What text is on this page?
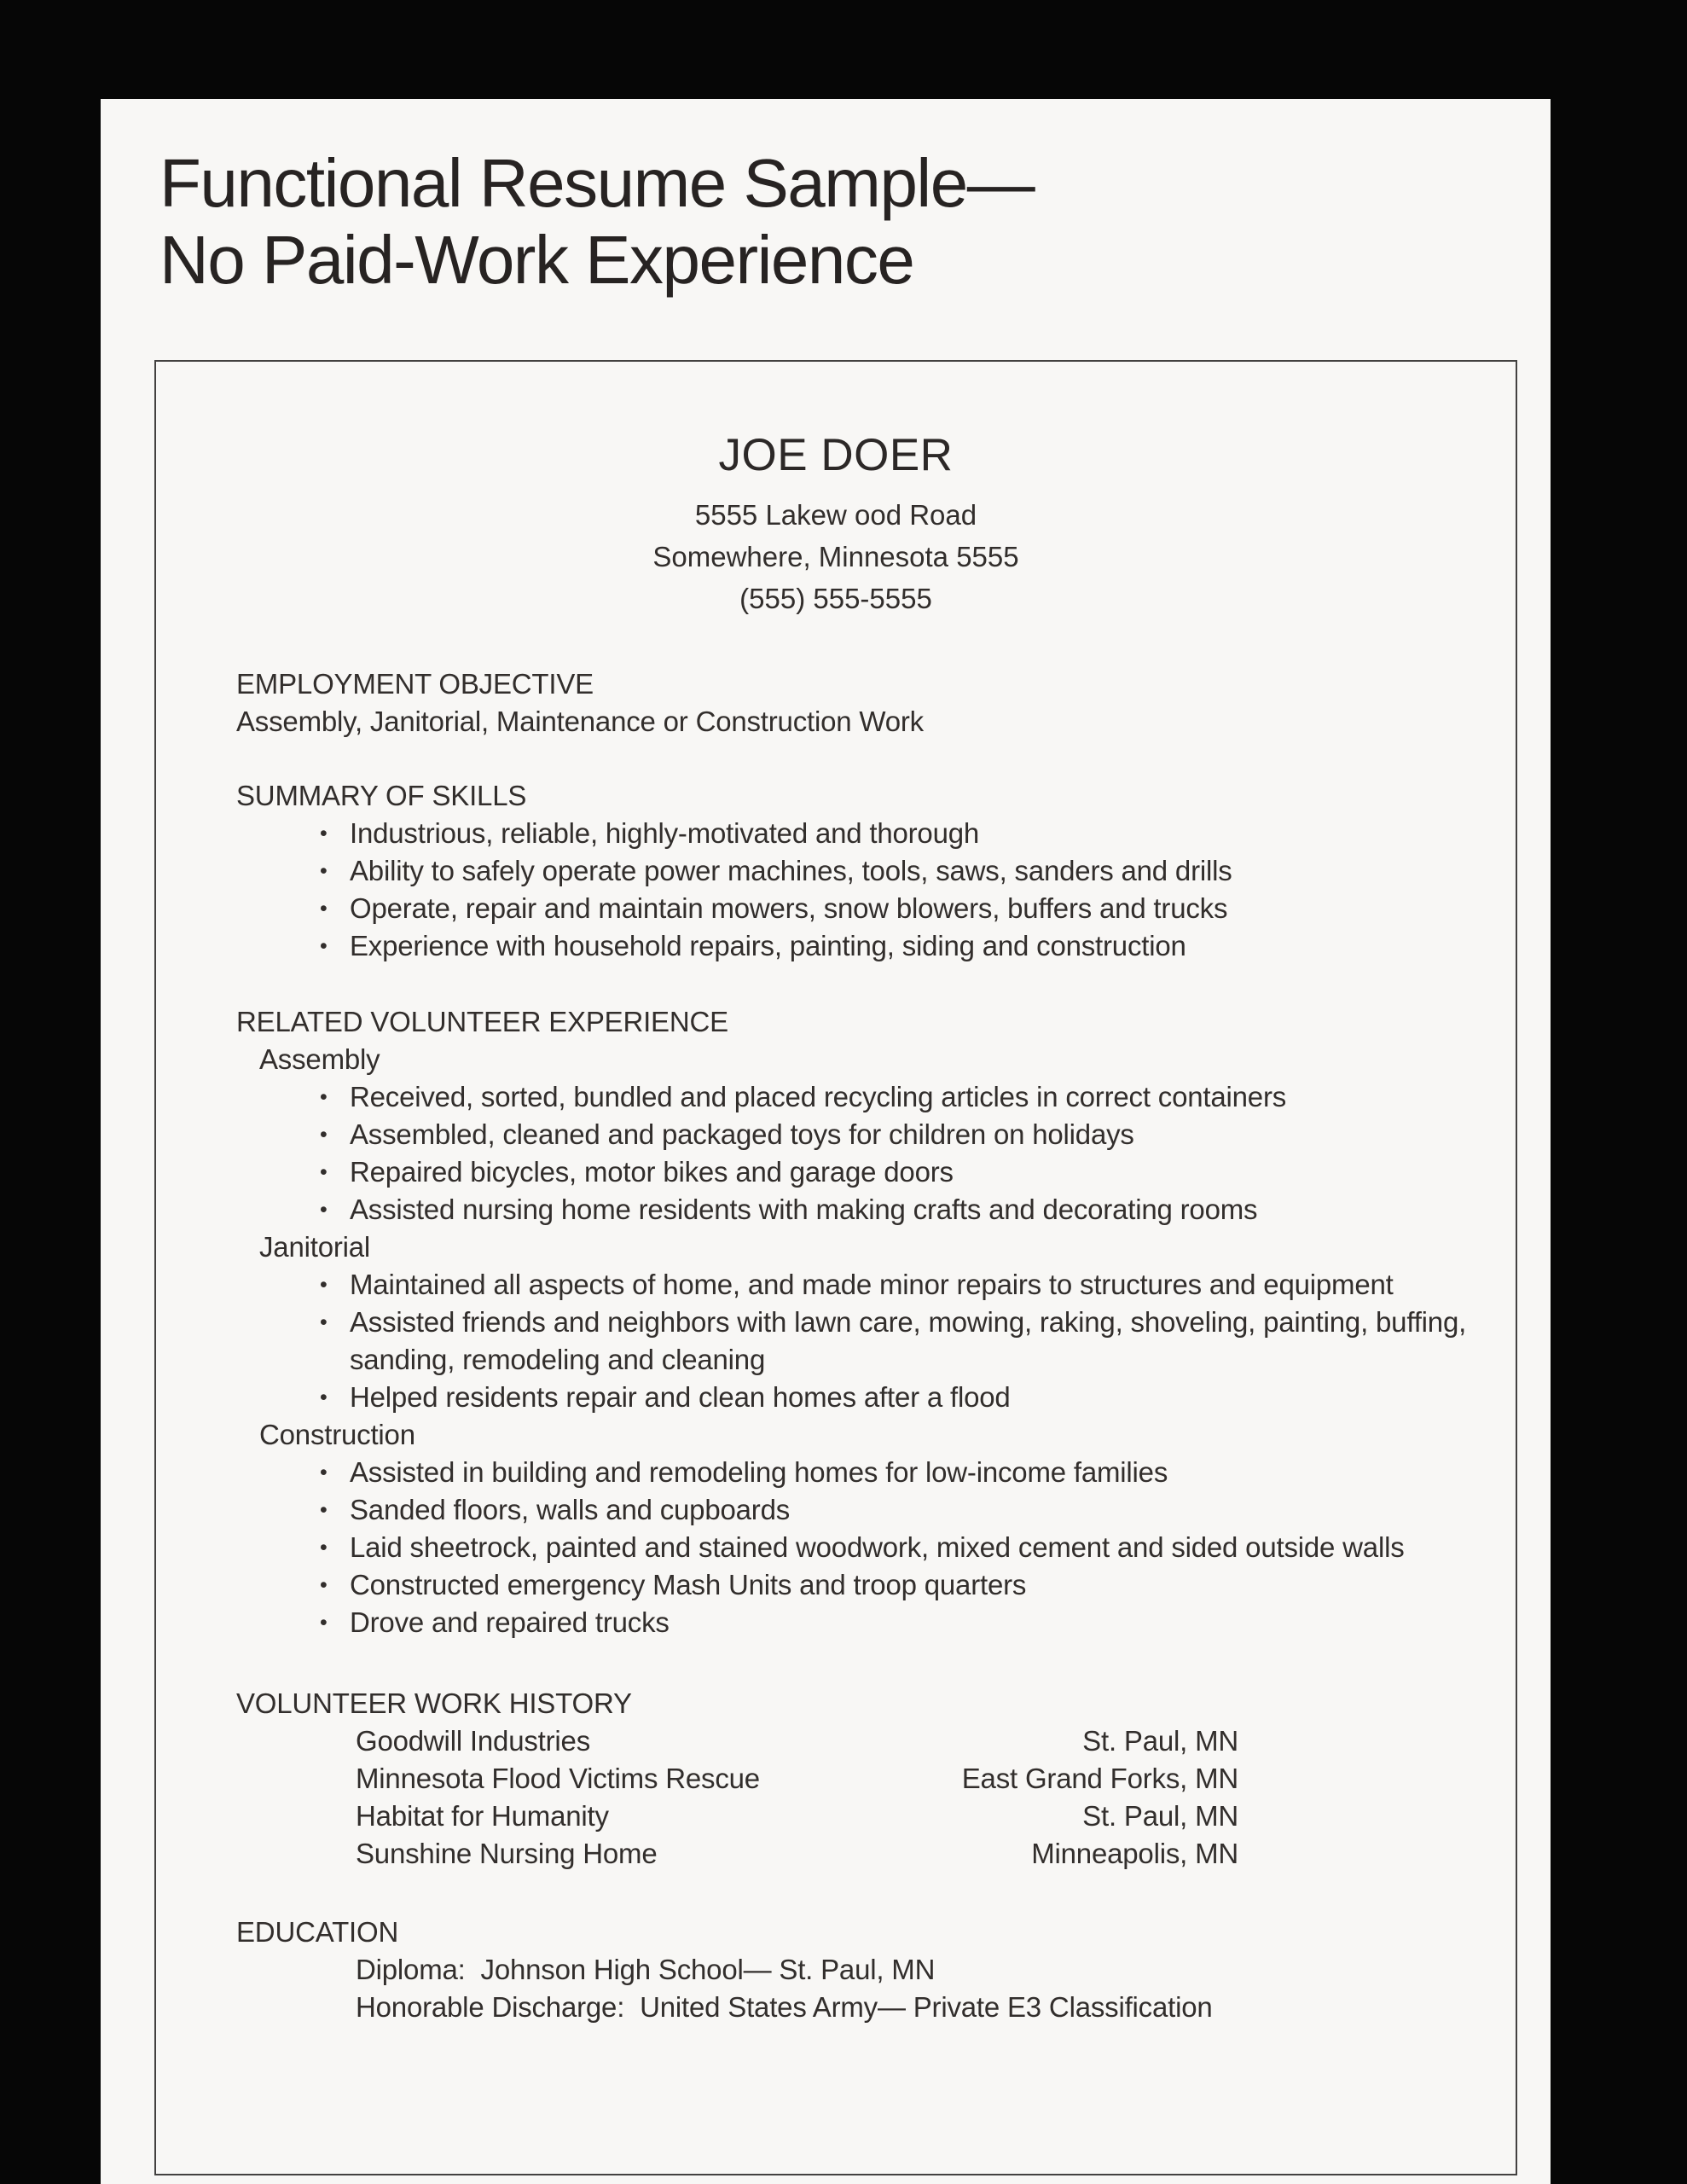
Functional Resume Sample—
No Paid-Work Experience
JOE DOER
5555 Lakew ood Road
Somewhere, Minnesota 5555
(555) 555-5555
EMPLOYMENT OBJECTIVE
Assembly, Janitorial, Maintenance or Construction Work
SUMMARY OF SKILLS
• Industrious, reliable, highly-motivated and thorough
• Ability to safely operate power machines, tools, saws, sanders and drills
• Operate, repair and maintain mowers, snow blowers, buffers and trucks
• Experience with household repairs, painting, siding and construction
RELATED VOLUNTEER EXPERIENCE
Assembly
• Received, sorted, bundled and placed recycling articles in correct containers
• Assembled, cleaned and packaged toys for children on holidays
• Repaired bicycles, motor bikes and garage doors
• Assisted nursing home residents with making crafts and decorating rooms
Janitorial
• Maintained all aspects of home, and made minor repairs to structures and equipment
• Assisted friends and neighbors with lawn care, mowing, raking, shoveling, painting, buffing, sanding, remodeling and cleaning
• Helped residents repair and clean homes after a flood
Construction
• Assisted in building and remodeling homes for low-income families
• Sanded floors, walls and cupboards
• Laid sheetrock, painted and stained woodwork, mixed cement and sided outside walls
• Constructed emergency Mash Units and troop quarters
• Drove and repaired trucks
VOLUNTEER WORK HISTORY
Goodwill Industries	St. Paul, MN
Minnesota Flood Victims Rescue	East Grand Forks, MN
Habitat for Humanity	St. Paul, MN
Sunshine Nursing Home	Minneapolis, MN
EDUCATION
Diploma:  Johnson High School— St. Paul, MN
Honorable Discharge:  United States Army— Private E3 Classification
